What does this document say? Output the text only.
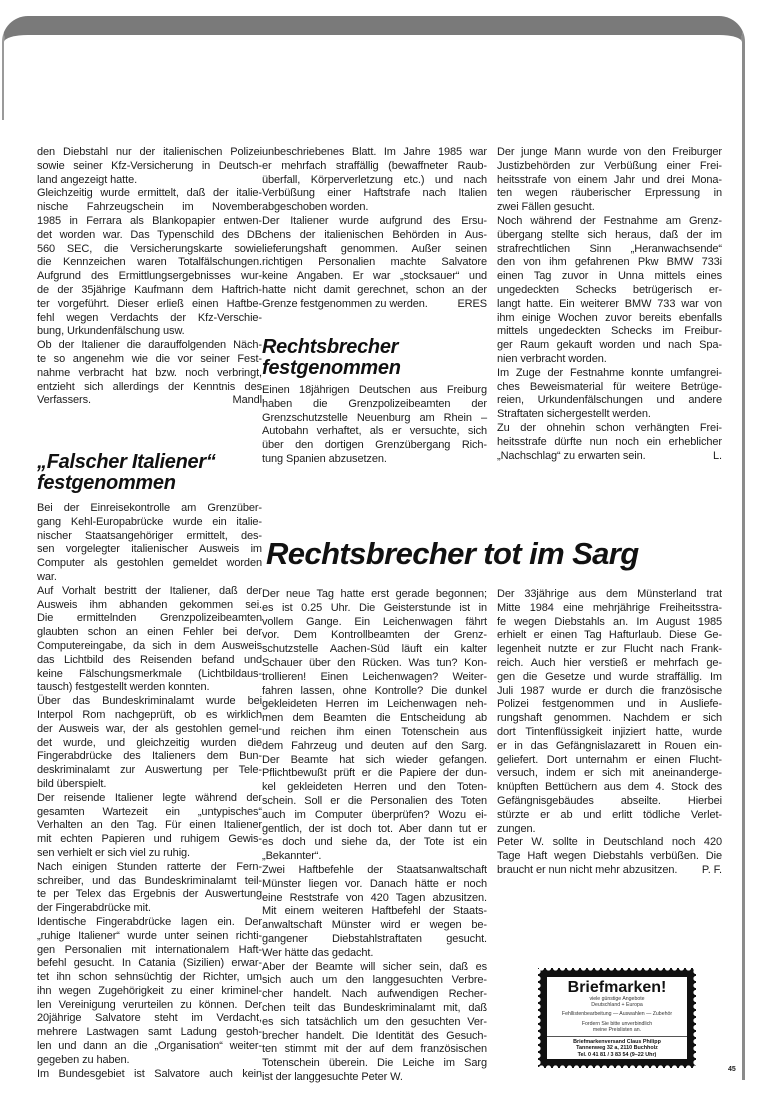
den Diebstahl nur der italienischen Polizei
sowie seiner Kfz-Versicherung in Deutsch-
land angezeigt hatte.
Gleichzeitig wurde ermittelt, daß der italie-
nische Fahrzeugschein im November
1985 in Ferrara als Blankopapier entwen-
det worden war. Das Typenschild des DB
560 SEC, die Versicherungskarte sowie
die Kennzeichen waren Totalfälschungen.
Aufgrund des Ermittlungsergebnisses wur-
de der 35jährige Kaufmann dem Haftrich-
ter vorgeführt. Dieser erließ einen Haftbe-
fehl wegen Verdachts der Kfz-Verschie-
bung, Urkundenfälschung usw.
Ob der Italiener die darauffolgenden Näch-
te so angenehm wie die vor seiner Fest-
nahme verbracht hat bzw. noch verbringt,
entzieht sich allerdings der Kenntnis des
Verfassers.	Mandl
„Falscher Italiener“
festgenommen
Bei der Einreisekontrolle am Grenzüber-
gang Kehl-Europabrücke wurde ein italie-
nischer Staatsangehöriger ermittelt, des-
sen vorgelegter italienischer Ausweis im
Computer als gestohlen gemeldet worden
war.
Auf Vorhalt bestritt der Italiener, daß der
Ausweis ihm abhanden gekommen sei.
Die ermittelnden Grenzpolizeibeamten
glaubten schon an einen Fehler bei der
Computereingabe, da sich in dem Ausweis
das Lichtbild des Reisenden befand und
keine Fälschungsmerkmale (Lichtbildaus-
tausch) festgestellt werden konnten.
Über das Bundeskriminalamt wurde bei
Interpol Rom nachgeprüft, ob es wirklich
der Ausweis war, der als gestohlen gemel-
det wurde, und gleichzeitig wurden die
Fingerabdrücke des Italieners dem Bun-
deskriminalamt zur Auswertung per Tele-
bild überspielt.
Der reisende Italiener legte während der
gesamten Wartezeit ein „untypisches“
Verhalten an den Tag. Für einen Italiener
mit echten Papieren und ruhigem Gewis-
sen verhielt er sich viel zu ruhig.
Nach einigen Stunden ratterte der Fern-
schreiber, und das Bundeskriminalamt teil-
te per Telex das Ergebnis der Auswertung
der Fingerabdrücke mit.
Identische Fingerabdrücke lagen ein. Der
„ruhige Italiener“ wurde unter seinen richti-
gen Personalien mit internationalem Haft-
befehl gesucht. In Catania (Sizilien) erwar-
tet ihn schon sehnsüchtig der Richter, um
ihn wegen Zugehörigkeit zu einer kriminel-
len Vereinigung verurteilen zu können. Der
20jährige Salvatore steht im Verdacht,
mehrere Lastwagen samt Ladung gestoh-
len und dann an die „Organisation“ weiter-
gegeben zu haben.
Im Bundesgebiet ist Salvatore auch kein
unbeschriebenes Blatt. Im Jahre 1985 war
er mehrfach straffällig (bewaffneter Raub-
überfall, Körperverletzung etc.) und nach
Verbüßung einer Haftstrafe nach Italien
abgeschoben worden.
Der Italiener wurde aufgrund des Ersu-
chens der italienischen Behörden in Aus-
lieferungshaft genommen. Außer seinen
richtigen Personalien machte Salvatore
keine Angaben. Er war „stocksauer“ und
hatte nicht damit gerechnet, schon an der
Grenze festgenommen zu werden.	ERES
Rechtsbrecher
festgenommen
Einen 18jährigen Deutschen aus Freiburg
haben die Grenzpolizeibeamten der
Grenzschutzstelle Neuenburg am Rhein –
Autobahn verhaftet, als er versuchte, sich
über den dortigen Grenzübergang Rich-
tung Spanien abzusetzen.
Der junge Mann wurde von den Freiburger
Justizbehörden zur Verbüßung einer Frei-
heitsstrafe von einem Jahr und drei Mona-
ten wegen räuberischer Erpressung in
zwei Fällen gesucht.
Noch während der Festnahme am Grenz-
übergang stellte sich heraus, daß der im
strafrechtlichen Sinn „Heranwachsende“
den von ihm gefahrenen Pkw BMW 733i
einen Tag zuvor in Unna mittels eines
ungedeckten Schecks betrügerisch er-
langt hatte. Ein weiterer BMW 733 war von
ihm einige Wochen zuvor bereits ebenfalls
mittels ungedeckten Schecks im Freibur-
ger Raum gekauft worden und nach Spa-
nien verbracht worden.
Im Zuge der Festnahme konnte umfangrei-
ches Beweismaterial für weitere Betrüge-
reien, Urkundenfälschungen und andere
Straftaten sichergestellt werden.
Zu der ohnehin schon verhängten Frei-
heitsstrafe dürfte nun noch ein erheblicher
„Nachschlag“ zu erwarten sein.	L.
Rechtsbrecher tot im Sarg
Der neue Tag hatte erst gerade begonnen;
es ist 0.25 Uhr. Die Geisterstunde ist in
vollem Gange. Ein Leichenwagen fährt
vor. Dem Kontrollbeamten der Grenz-
schutzstelle Aachen-Süd läuft ein kalter
Schauer über den Rücken. Was tun? Kon-
trollieren! Einen Leichenwagen? Weiter-
fahren lassen, ohne Kontrolle? Die dunkel
gekleideten Herren im Leichenwagen neh-
men dem Beamten die Entscheidung ab
und reichen ihm einen Totenschein aus
dem Fahrzeug und deuten auf den Sarg.
Der Beamte hat sich wieder gefangen.
Pflichtbewußt prüft er die Papiere der dun-
kel gekleideten Herren und den Toten-
schein. Soll er die Personalien des Toten
auch im Computer überprüfen? Wozu ei-
gentlich, der ist doch tot. Aber dann tut er
es doch und siehe da, der Tote ist ein
„Bekannter“.
Zwei Haftbefehle der Staatsanwaltschaft
Münster liegen vor. Danach hätte er noch
eine Reststrafe von 420 Tagen abzusitzen.
Mit einem weiteren Haftbefehl der Staats-
anwaltschaft Münster wird er wegen be-
gangener Diebstahlstraftaten gesucht.
Wer hätte das gedacht.
Aber der Beamte will sicher sein, daß es
sich auch um den langgesuchten Verbre-
cher handelt. Nach aufwendigen Recher-
chen teilt das Bundeskriminalamt mit, daß
es sich tatsächlich um den gesuchten Ver-
brecher handelt. Die Identität des Gesuch-
ten stimmt mit der auf dem französischen
Totenschein überein. Die Leiche im Sarg
ist der langgesuchte Peter W.
Der 33jährige aus dem Münsterland trat
Mitte 1984 eine mehrjährige Freiheitsstra-
fe wegen Diebstahls an. Im August 1985
erhielt er einen Tag Hafturlaub. Diese Ge-
legenheit nutzte er zur Flucht nach Frank-
reich. Auch hier verstieß er mehrfach ge-
gen die Gesetze und wurde straffällig. Im
Juli 1987 wurde er durch die französische
Polizei festgenommen und in Ausliefe-
rungshaft genommen. Nachdem er sich
dort Tintenflüssigkeit injiziert hatte, wurde
er in das Gefängnislazarett in Rouen ein-
geliefert. Dort unternahm er einen Flucht-
versuch, indem er sich mit aneinanderge-
knüpften Bettüchern aus dem 4. Stock des
Gefängnisgebäudes abseilte. Hierbei
stürzte er ab und erlitt tödliche Verlet-
zungen.
Peter W. sollte in Deutschland noch 420
Tage Haft wegen Diebstahls verbüßen. Die
braucht er nun nicht mehr abzusitzen. P. F.
Briefmarken!
viele günstige Angebote
Deutschland + Europa
Fehllistenbearbeitung — Auswahlen — Zubehör
Fordern Sie bitte unverbindlich
meine Preislisten an.
Briefmarkenversand Claus Philipp
Tannenweg 32 a, 2110 Buchholz
Tel. 0 41 81 / 3 83 54 (9–22 Uhr)
45
